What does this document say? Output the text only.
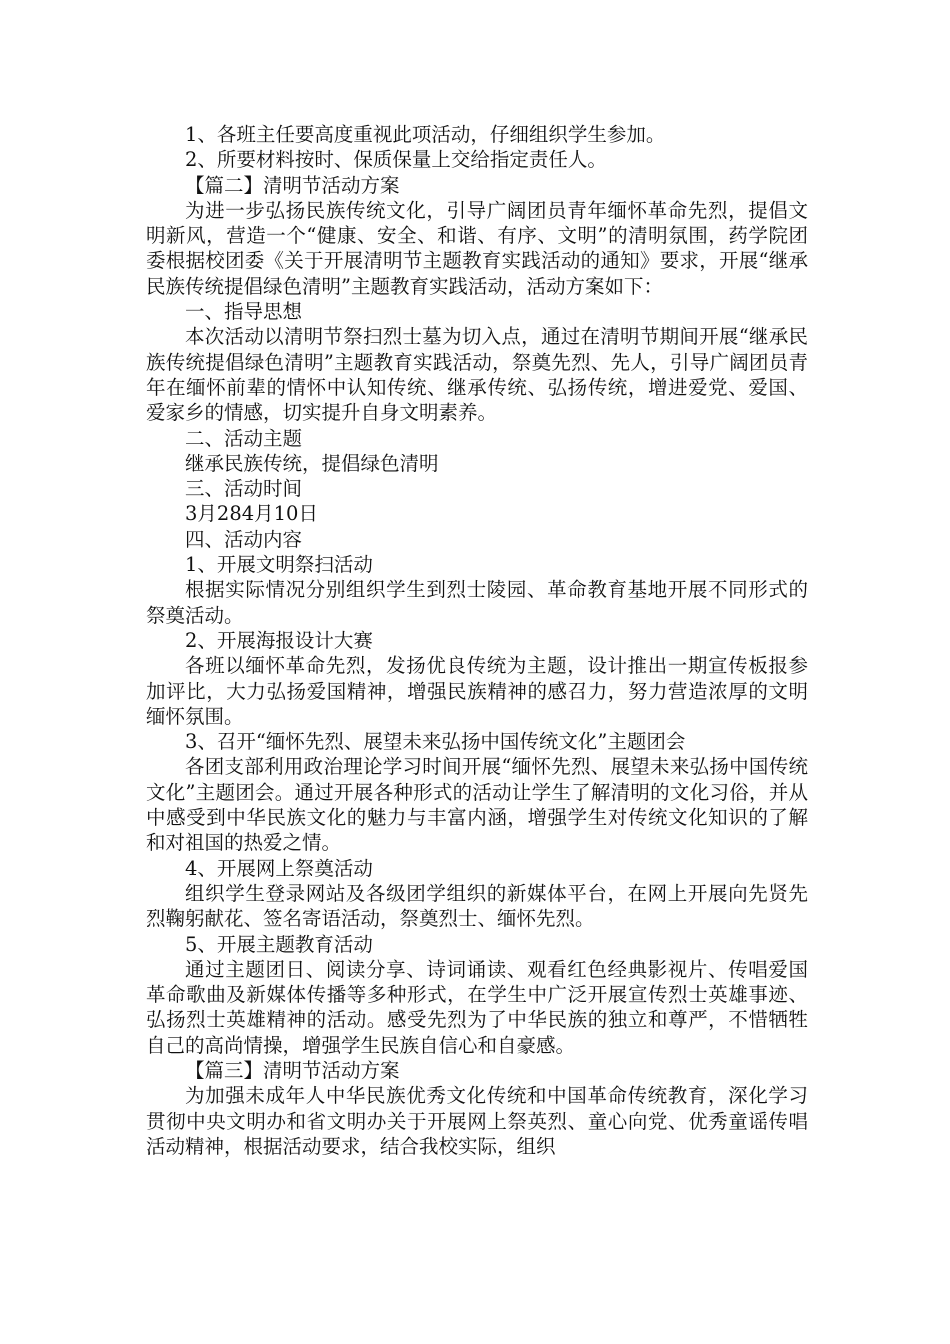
1、各班主任要高度重视此项活动，仔细组织学生参加。

2、所要材料按时、保质保量上交给指定责任人。

【篇二】清明节活动方案

为进一步弘扬民族传统文化，引导广阔团员青年缅怀革命先烈，提倡文明新风，营造一个“健康、安全、和谐、有序、文明”的清明氛围，药学院团委根据校团委《关于开展清明节主题教育实践活动的通知》要求，开展“继承民族传统提倡绿色清明”主题教育实践活动，活动方案如下：

一、指导思想

本次活动以清明节祭扫烈士墓为切入点，通过在清明节期间开展“继承民族传统提倡绿色清明”主题教育实践活动，祭奠先烈、先人，引导广阔团员青年在缅怀前辈的情怀中认知传统、继承传统、弘扬传统，增进爱党、爱国、爱家乡的情感，切实提升自身文明素养。

二、活动主题

继承民族传统，提倡绿色清明

三、活动时间

3月284月10日

四、活动内容

1、开展文明祭扫活动

根据实际情况分别组织学生到烈士陵园、革命教育基地开展不同形式的祭奠活动。

2、开展海报设计大赛

各班以缅怀革命先烈，发扬优良传统为主题，设计推出一期宣传板报参加评比，大力弘扬爱国精神，增强民族精神的感召力，努力营造浓厚的文明缅怀氛围。

3、召开“缅怀先烈、展望未来弘扬中国传统文化”主题团会

各团支部利用政治理论学习时间开展“缅怀先烈、展望未来弘扬中国传统文化”主题团会。通过开展各种形式的活动让学生了解清明的文化习俗，并从中感受到中华民族文化的魅力与丰富内涵，增强学生对传统文化知识的了解和对祖国的热爱之情。

4、开展网上祭奠活动

组织学生登录网站及各级团学组织的新媒体平台，在网上开展向先贤先烈鞠躬献花、签名寄语活动，祭奠烈士、缅怀先烈。

5、开展主题教育活动

通过主题团日、阅读分享、诗词诵读、观看红色经典影视片、传唱爱国革命歌曲及新媒体传播等多种形式，在学生中广泛开展宣传烈士英雄事迹、弘扬烈士英雄精神的活动。感受先烈为了中华民族的独立和尊严，不惜牺牲自己的高尚情操，增强学生民族自信心和自豪感。

【篇三】清明节活动方案

为加强未成年人中华民族优秀文化传统和中国革命传统教育，深化学习贯彻中央文明办和省文明办关于开展网上祭英烈、童心向党、优秀童谣传唱活动精神，根据活动要求，结合我校实际，组织
